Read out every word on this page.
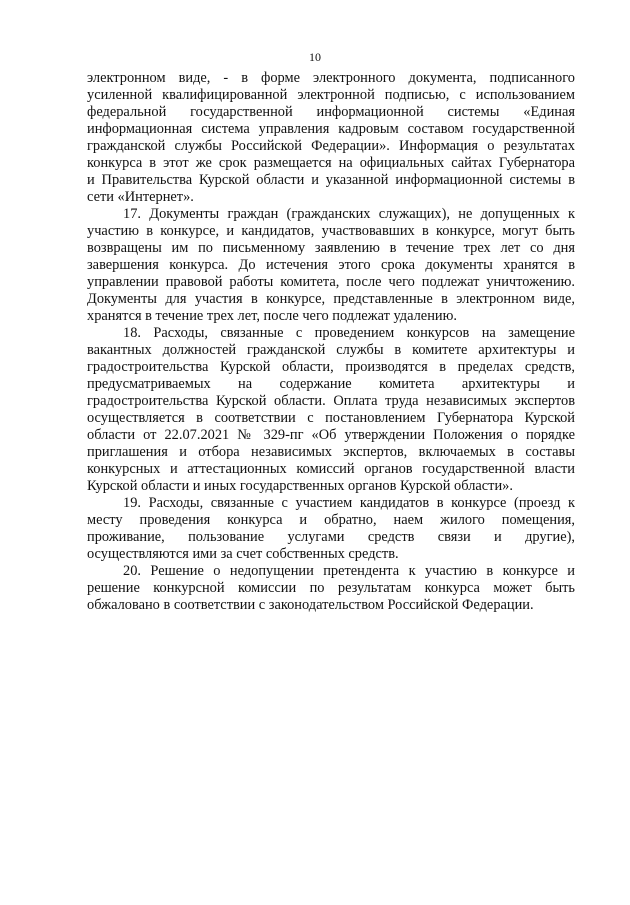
10
электронном виде, - в форме электронного документа, подписанного
усиленной квалифицированной электронной подписью, с использованием
федеральной государственной информационной системы «Единая
информационная система управления кадровым составом государственной
гражданской службы Российской Федерации». Информация о результатах
конкурса в этот же срок размещается на официальных сайтах Губернатора
и Правительства Курской области и указанной информационной системы в
сети «Интернет».
17. Документы граждан (гражданских служащих), не допущенных к
участию в конкурсе, и кандидатов, участвовавших в конкурсе, могут быть
возвращены им по письменному заявлению в течение трех лет со дня
завершения конкурса. До истечения этого срока документы хранятся в
управлении правовой работы комитета, после чего подлежат уничтожению.
Документы для участия в конкурсе, представленные в электронном виде,
хранятся в течение трех лет, после чего подлежат удалению.
18. Расходы, связанные с проведением конкурсов на замещение
вакантных должностей гражданской службы в комитете архитектуры и
градостроительства Курской области, производятся в пределах средств,
предусматриваемых на содержание комитета архитектуры и
градостроительства Курской области. Оплата труда независимых экспертов
осуществляется в соответствии с постановлением Губернатора Курской
области от 22.07.2021 № 329-пг «Об утверждении Положения о порядке
приглашения и отбора независимых экспертов, включаемых в составы
конкурсных и аттестационных комиссий органов государственной власти
Курской области и иных государственных органов Курской области».
19. Расходы, связанные с участием кандидатов в конкурсе (проезд к
месту проведения конкурса и обратно, наем жилого помещения,
проживание, пользование услугами средств связи и другие),
осуществляются ими за счет собственных средств.
20. Решение о недопущении претендента к участию в конкурсе и
решение конкурсной комиссии по результатам конкурса может быть
обжаловано в соответствии с законодательством Российской Федерации.
